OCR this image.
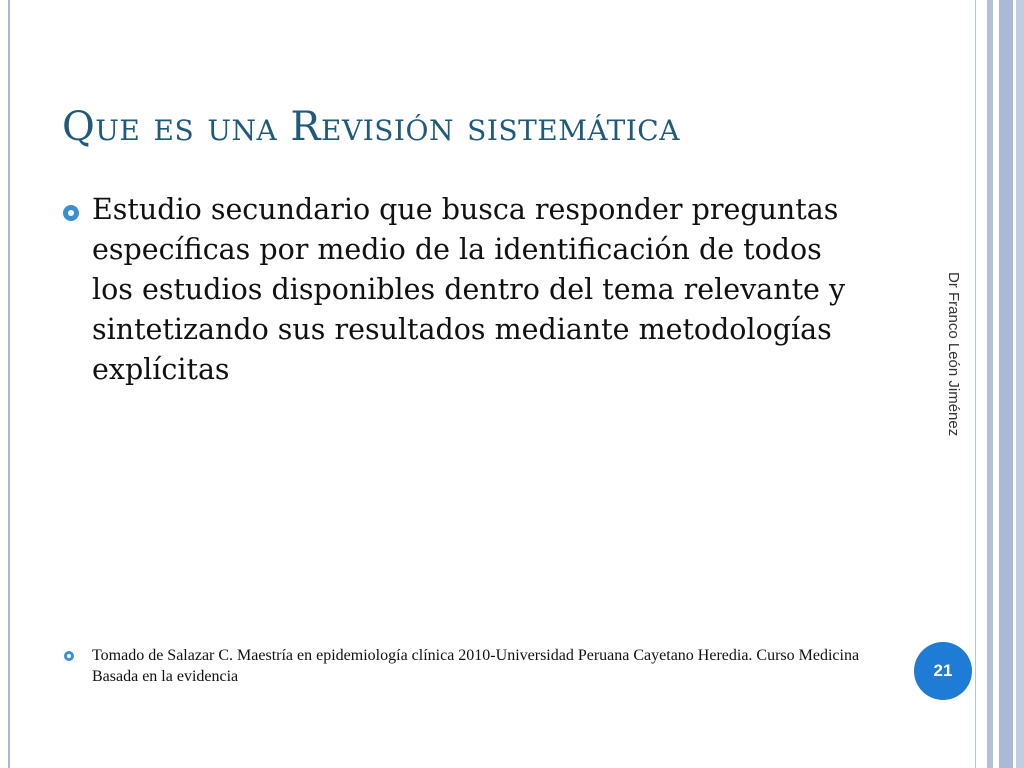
Que es una Revisión sistemática

Estudio secundario que busca responder preguntas específicas por medio de la identificación de todos los estudios disponibles dentro del tema relevante y sintetizando sus resultados mediante metodologías explícitas

Tomado de Salazar C. Maestría en epidemiología clínica 2010-Universidad Peruana Cayetano Heredia. Curso Medicina Basada en la evidencia

Dr Franco León Jiménez
21
